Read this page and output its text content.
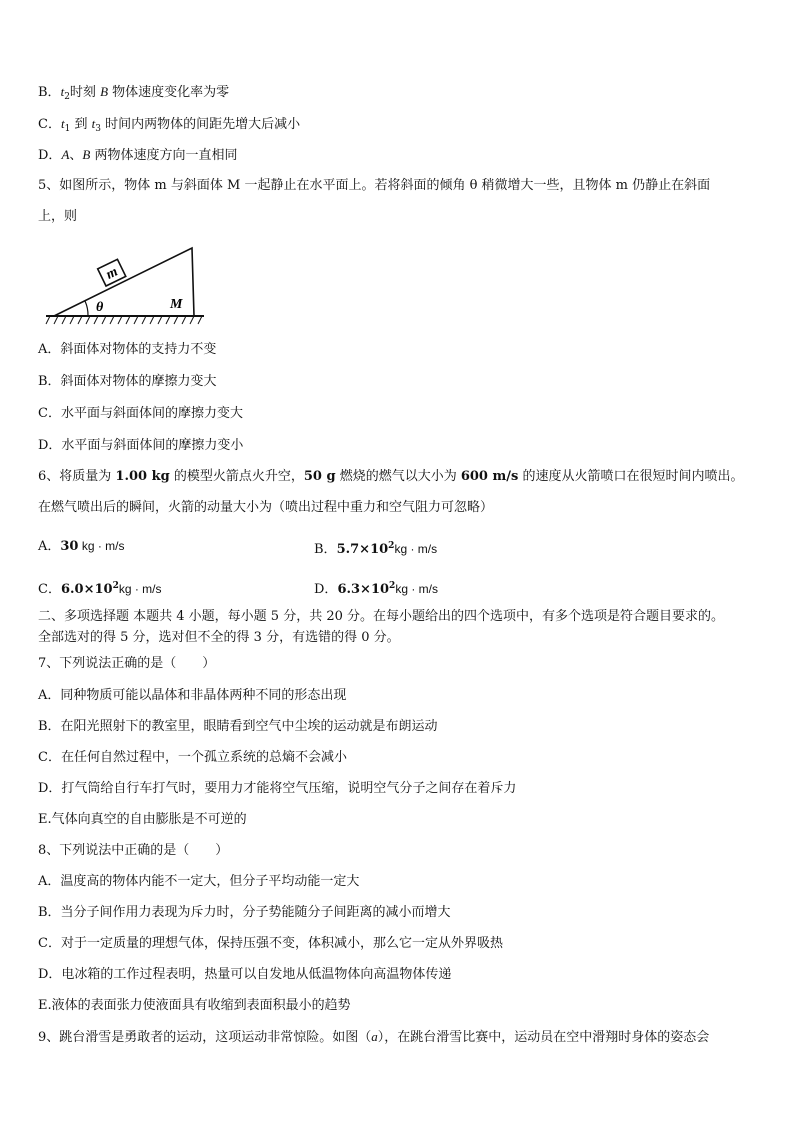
B．$t_2$时刻 B 物体速度变化率为零
C．$t_1$ 到 $t_3$ 时间内两物体的间距先增大后减小
D．A、B 两物体速度方向一直相同
5、如图所示，物体 m 与斜面体 M 一起静止在水平面上。若将斜面的倾角 θ 稍微增大一些，且物体 m 仍静止在斜面
上，则
m
θ	M
A．斜面体对物体的支持力不变
B．斜面体对物体的摩擦力变大
C．水平面与斜面体间的摩擦力变大
D．水平面与斜面体间的摩擦力变小
6、将质量为 1.00 kg 的模型火箭点火升空，50 g 燃烧的燃气以大小为 600 m/s 的速度从火箭喷口在很短时间内喷出。
在燃气喷出后的瞬间，火箭的动量大小为（喷出过程中重力和空气阻力可忽略）
A．30 kg · m/s	B．$5.7\times 10^2kg \cdot m/s$
C．$6.0\times 10^2kg \cdot m/s$	D．$6.3\times 10^2kg \cdot m/s$
二、多项选择题 本题共 4 小题，每小题 5 分，共 20 分。在每小题给出的四个选项中，有多个选项是符合题目要求的。
全部选对的得 5 分，选对但不全的得 3 分，有选错的得 0 分。
7、下列说法正确的是（　　）
A．同种物质可能以晶体和非晶体两种不同的形态出现
B．在阳光照射下的教室里，眼睛看到空气中尘埃的运动就是布朗运动
C．在任何自然过程中，一个孤立系统的总熵不会减小
D．打气筒给自行车打气时，要用力才能将空气压缩，说明空气分子之间存在着斥力
E.气体向真空的自由膨胀是不可逆的
8、下列说法中正确的是（　　）
A．温度高的物体内能不一定大，但分子平均动能一定大
B．当分子间作用力表现为斥力时，分子势能随分子间距离的减小而增大
C．对于一定质量的理想气体，保持压强不变，体积减小，那么它一定从外界吸热
D．电冰箱的工作过程表明，热量可以自发地从低温物体向高温物体传递
E.液体的表面张力使液面具有收缩到表面积最小的趋势
9、跳台滑雪是勇敢者的运动，这项运动非常惊险。如图（a），在跳台滑雪比赛中，运动员在空中滑翔时身体的姿态会
